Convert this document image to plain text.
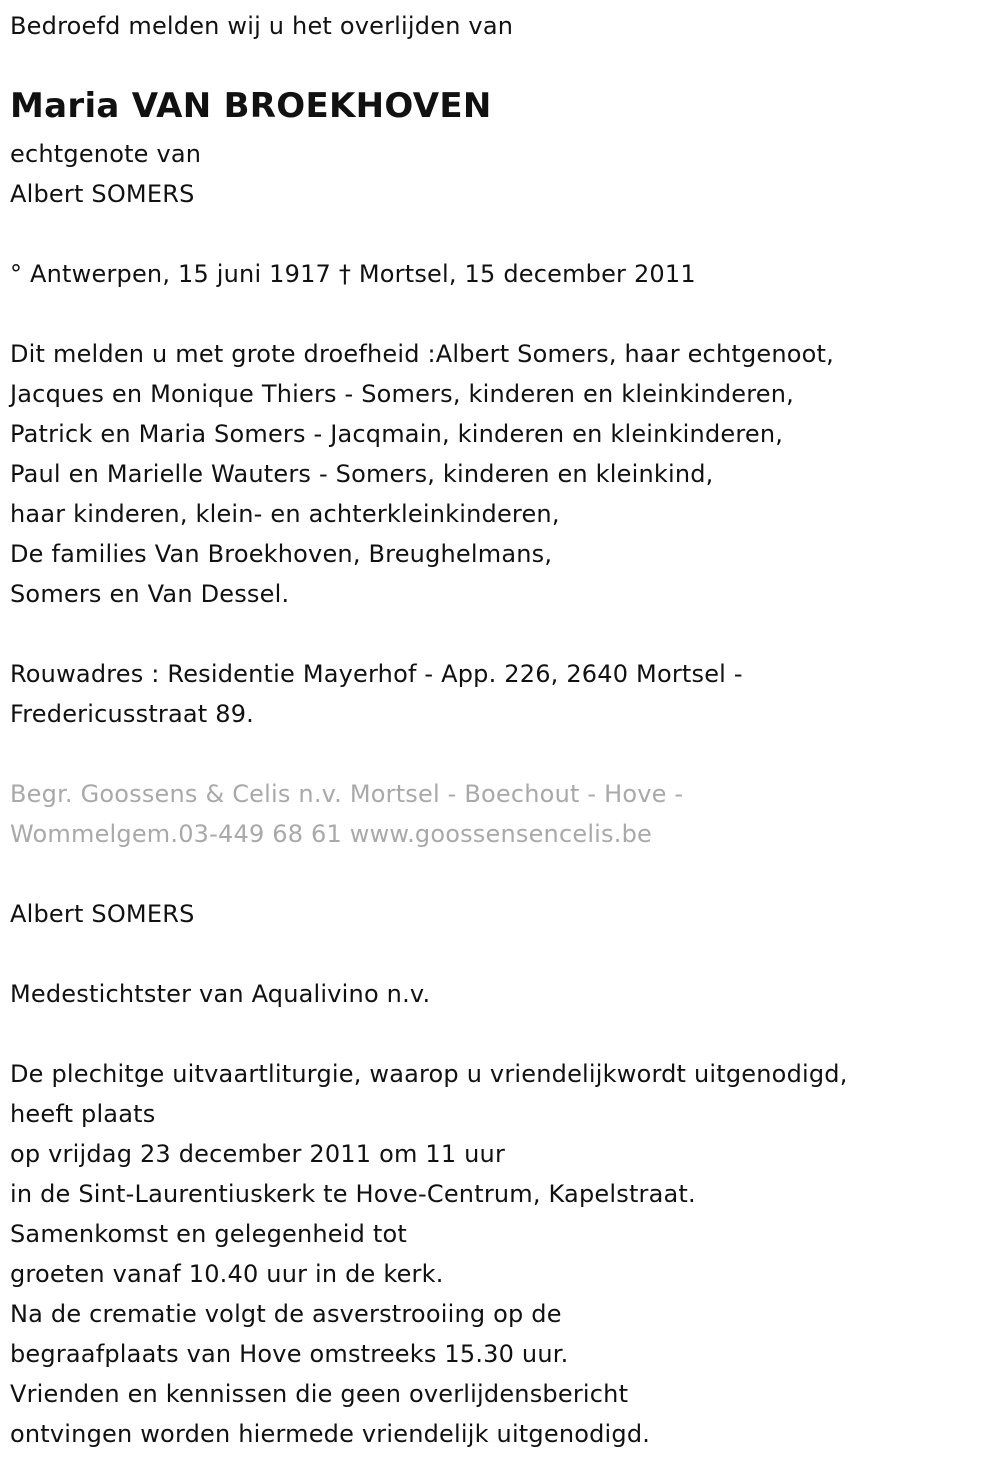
Bedroefd melden wij u het overlijden van
Maria VAN BROEKHOVEN
echtgenote van
Albert SOMERS
° Antwerpen, 15 juni 1917 † Mortsel, 15 december 2011
Dit melden u met grote droefheid :Albert Somers, haar echtgenoot,
Jacques en Monique Thiers - Somers, kinderen en kleinkinderen,
Patrick en Maria Somers - Jacqmain, kinderen en kleinkinderen,
Paul en Marielle Wauters - Somers, kinderen en kleinkind,
haar kinderen, klein- en achterkleinkinderen,
De families Van Broekhoven, Breughelmans,
Somers en Van Dessel.
Rouwadres : Residentie Mayerhof - App. 226, 2640 Mortsel -
Fredericusstraat 89.
Begr. Goossens & Celis n.v. Mortsel - Boechout - Hove -
Wommelgem.03-449 68 61 www.goossensencelis.be
Albert SOMERS
Medestichtster van Aqualivino n.v.
De plechitge uitvaartliturgie, waarop u vriendelijkwordt uitgenodigd,
heeft plaats
op vrijdag 23 december 2011 om 11 uur
in de Sint-Laurentiuskerk te Hove-Centrum, Kapelstraat.
Samenkomst en gelegenheid tot
groeten vanaf 10.40 uur in de kerk.
Na de crematie volgt de asverstrooiing op de
begraafplaats van Hove omstreeks 15.30 uur.
Vrienden en kennissen die geen overlijdensbericht
ontvingen worden hiermede vriendelijk uitgenodigd.
